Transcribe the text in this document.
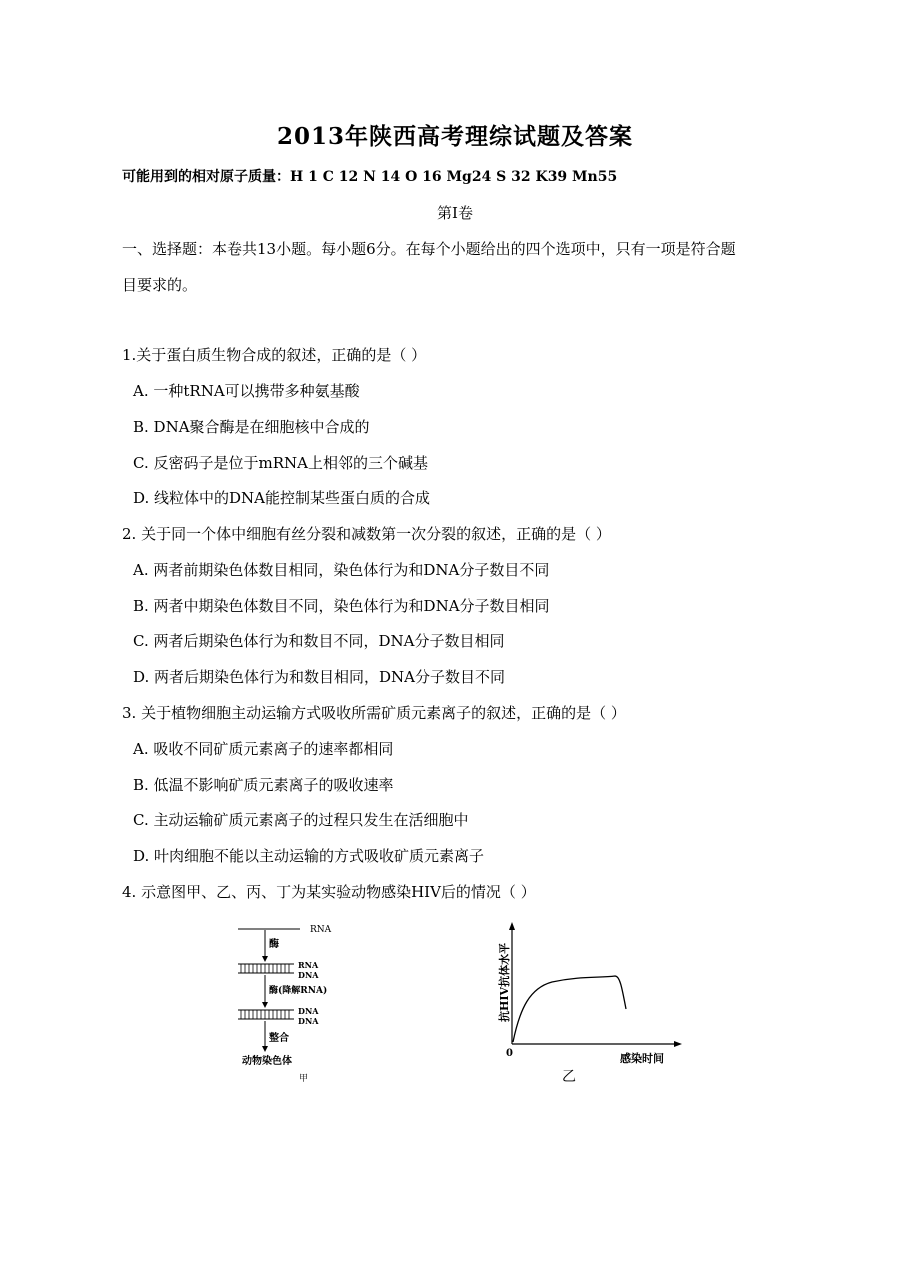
2013年陕西高考理综试题及答案
可能用到的相对原子质量：H 1 C 12 N 14 O 16 Mg24 S 32 K39 Mn55
第Ⅰ卷
一、选择题：本卷共13小题。每小题6分。在每个小题给出的四个选项中，只有一项是符合题
目要求的。
1.关于蛋白质生物合成的叙述，正确的是（ ）
A. 一种tRNA可以携带多种氨基酸
B. DNA聚合酶是在细胞核中合成的
C. 反密码子是位于mRNA上相邻的三个碱基
D. 线粒体中的DNA能控制某些蛋白质的合成
2. 关于同一个体中细胞有丝分裂和减数第一次分裂的叙述，正确的是（ ）
A. 两者前期染色体数目相同，染色体行为和DNA分子数目不同
B. 两者中期染色体数目不同，染色体行为和DNA分子数目相同
C. 两者后期染色体行为和数目不同，DNA分子数目相同
D. 两者后期染色体行为和数目相同，DNA分子数目不同
3. 关于植物细胞主动运输方式吸收所需矿质元素离子的叙述，正确的是（ ）
A. 吸收不同矿质元素离子的速率都相同
B. 低温不影响矿质元素离子的吸收速率
C. 主动运输矿质元素离子的过程只发生在活细胞中
D. 叶肉细胞不能以主动运输的方式吸收矿质元素离子
4. 示意图甲、乙、丙、丁为某实验动物感染HIV后的情况（ ）
RNA
酶
RNA
DNA
酶(降解RNA)
DNA
DNA
整合
动物染色体
甲
抗HIV抗体水平
0	感染时间
乙
